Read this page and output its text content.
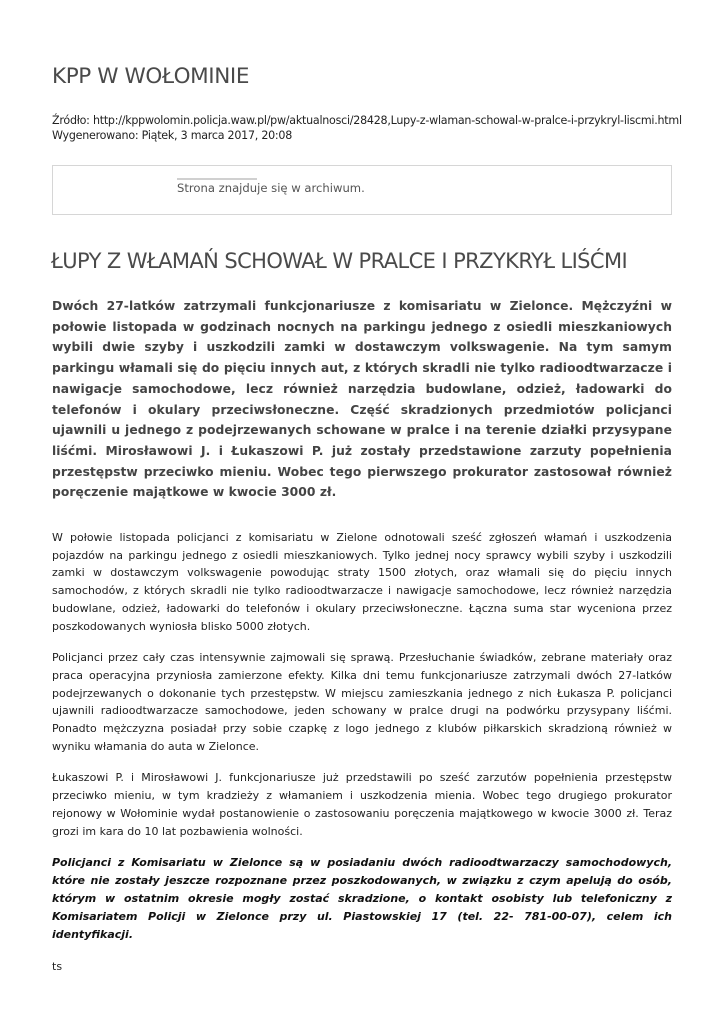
KPP W WOŁOMINIE
Źródło: http://kppwolomin.policja.waw.pl/pw/aktualnosci/28428,Lupy-z-wlaman-schowal-w-pralce-i-przykryl-liscmi.html
Wygenerowano: Piątek, 3 marca 2017, 20:08
Strona znajduje się w archiwum.
ŁUPY Z WŁAMAŃ SCHOWAŁ W PRALCE I PRZYKRYŁ LIŚĆMI

Dwóch 27-latków zatrzymali funkcjonariusze z komisariatu w Zielonce. Mężczyźni w połowie listopada w godzinach nocnych na parkingu jednego z osiedli mieszkaniowych wybili dwie szyby i uszkodzili zamki w dostawczym volkswagenie. Na tym samym parkingu włamali się do pięciu innych aut, z których skradli nie tylko radioodtwarzacze i nawigacje samochodowe, lecz również narzędzia budowlane, odzież, ładowarki do telefonów i okulary przeciwsłoneczne. Część skradzionych przedmiotów policjanci ujawnili u jednego z podejrzewanych schowane w pralce i na terenie działki przysypane liśćmi. Mirosławowi J. i Łukaszowi P. już zostały przedstawione zarzuty popełnienia przestępstw przeciwko mieniu. Wobec tego pierwszego prokurator zastosował również poręczenie majątkowe w kwocie 3000 zł.

W połowie listopada policjanci z komisariatu w Zielone odnotowali sześć zgłoszeń włamań i uszkodzenia pojazdów na parkingu jednego z osiedli mieszkaniowych. Tylko jednej nocy sprawcy wybili szyby i uszkodzili zamki w dostawczym volkswagenie powodując straty 1500 złotych, oraz włamali się do pięciu innych samochodów, z których skradli nie tylko radioodtwarzacze i nawigacje samochodowe, lecz również narzędzia budowlane, odzież, ładowarki do telefonów i okulary przeciwsłoneczne. Łączna suma star wyceniona przez poszkodowanych wyniosła blisko 5000 złotych.

Policjanci przez cały czas intensywnie zajmowali się sprawą. Przesłuchanie świadków, zebrane materiały oraz praca operacyjna przyniosła zamierzone efekty. Kilka dni temu funkcjonariusze zatrzymali dwóch 27-latków podejrzewanych o dokonanie tych przestępstw. W miejscu zamieszkania jednego z nich Łukasza P. policjanci ujawnili radioodtwarzacze samochodowe, jeden schowany w pralce drugi na podwórku przysypany liśćmi. Ponadto mężczyzna posiadał przy sobie czapkę z logo jednego z klubów piłkarskich skradzioną również w wyniku włamania do auta w Zielonce.

Łukaszowi P. i Mirosławowi J. funkcjonariusze już przedstawili po sześć zarzutów popełnienia przestępstw przeciwko mieniu, w tym kradzieży z włamaniem i uszkodzenia mienia. Wobec tego drugiego prokurator rejonowy w Wołominie wydał postanowienie o zastosowaniu poręczenia majątkowego w kwocie 3000 zł. Teraz grozi im kara do 10 lat pozbawienia wolności.

Policjanci z Komisariatu w Zielonce są w posiadaniu dwóch radioodtwarzaczy samochodowych, które nie zostały jeszcze rozpoznane przez poszkodowanych, w związku z czym apelują do osób, którym w ostatnim okresie mogły zostać skradzione, o kontakt osobisty lub telefoniczny z Komisariatem Policji w Zielonce przy ul. Piastowskiej 17 (tel. 22- 781-00-07), celem ich identyfikacji.

ts
